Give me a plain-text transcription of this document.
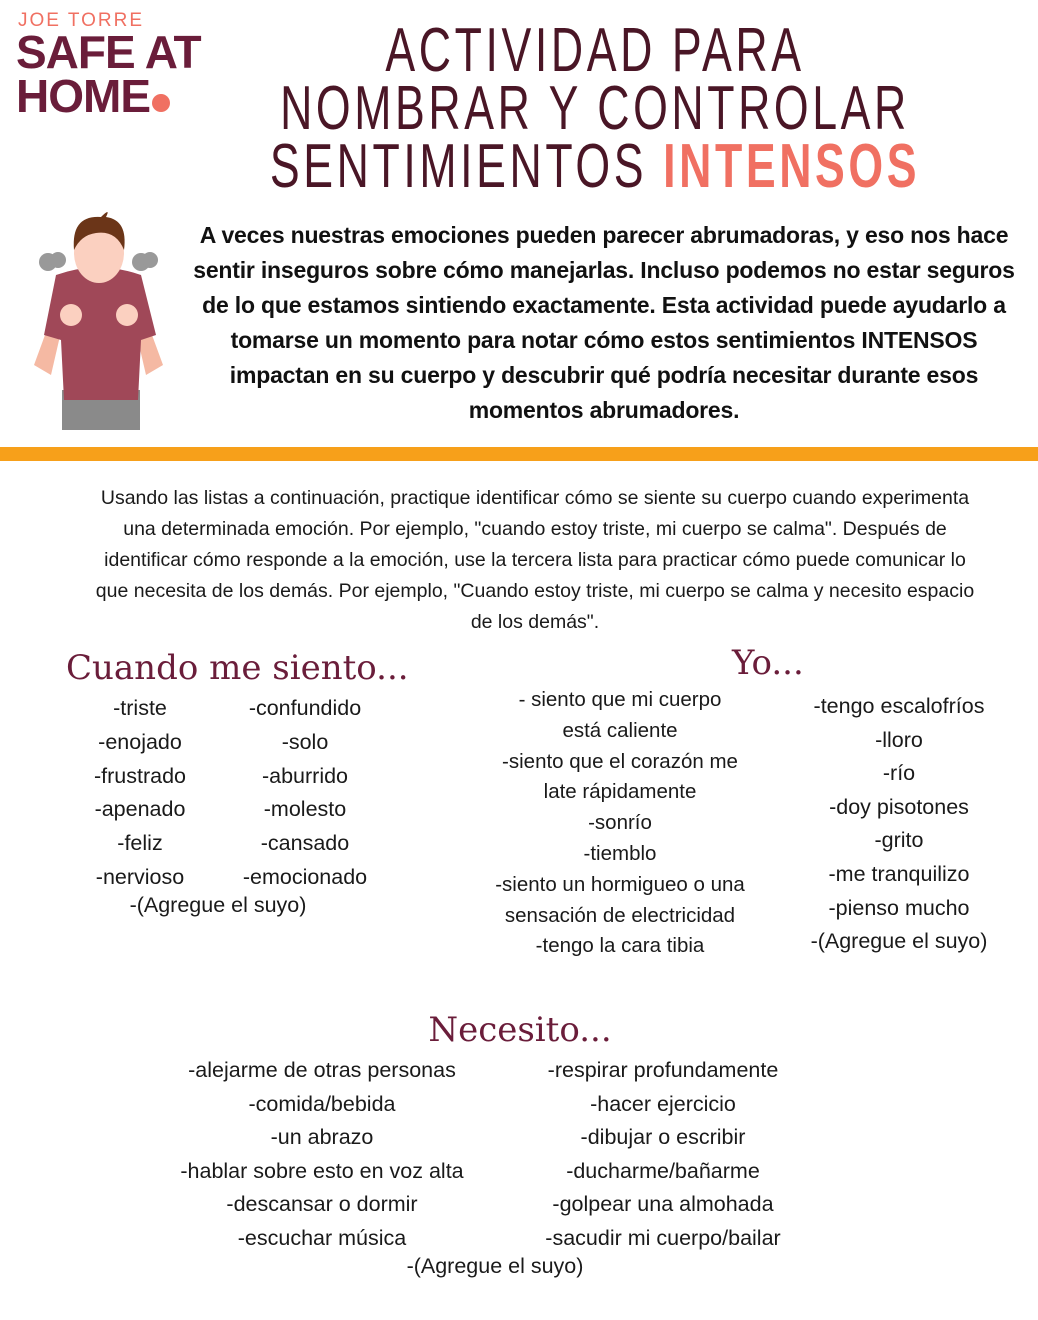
JOE TORRE
SAFE AT
HOME
ACTIVIDAD PARA
NOMBRAR Y CONTROLAR
SENTIMIENTOS INTENSOS
A veces nuestras emociones pueden parecer abrumadoras, y eso nos hace sentir inseguros sobre cómo manejarlas. Incluso podemos no estar seguros de lo que estamos sintiendo exactamente. Esta actividad puede ayudarlo a tomarse un momento para notar cómo estos sentimientos INTENSOS impactan en su cuerpo y descubrir qué podría necesitar durante esos momentos abrumadores.
Usando las listas a continuación, practique identificar cómo se siente su cuerpo cuando experimenta una determinada emoción. Por ejemplo, "cuando estoy triste, mi cuerpo se calma". Después de identificar cómo responde a la emoción, use la tercera lista para practicar cómo puede comunicar lo que necesita de los demás. Por ejemplo, "Cuando estoy triste, mi cuerpo se calma y necesito espacio de los demás".
Cuando me siento...
-triste
-enojado
-frustrado
-apenado
-feliz
-nervioso
-confundido
-solo
-aburrido
-molesto
-cansado
-emocionado
-(Agregue el suyo)
Yo...
- siento que mi cuerpo
está caliente
-siento que el corazón me
late rápidamente
-sonrío
-tiemblo
-siento un hormigueo o una
sensación de electricidad
-tengo la cara tibia
-tengo escalofríos
-lloro
-río
-doy pisotones
-grito
-me tranquilizo
-pienso mucho
-(Agregue el suyo)
Necesito...
-alejarme de otras personas
-comida/bebida
-un abrazo
-hablar sobre esto en voz alta
-descansar o dormir
-escuchar música
-respirar profundamente
-hacer ejercicio
-dibujar o escribir
-ducharme/bañarme
-golpear una almohada
-sacudir mi cuerpo/bailar
-(Agregue el suyo)
